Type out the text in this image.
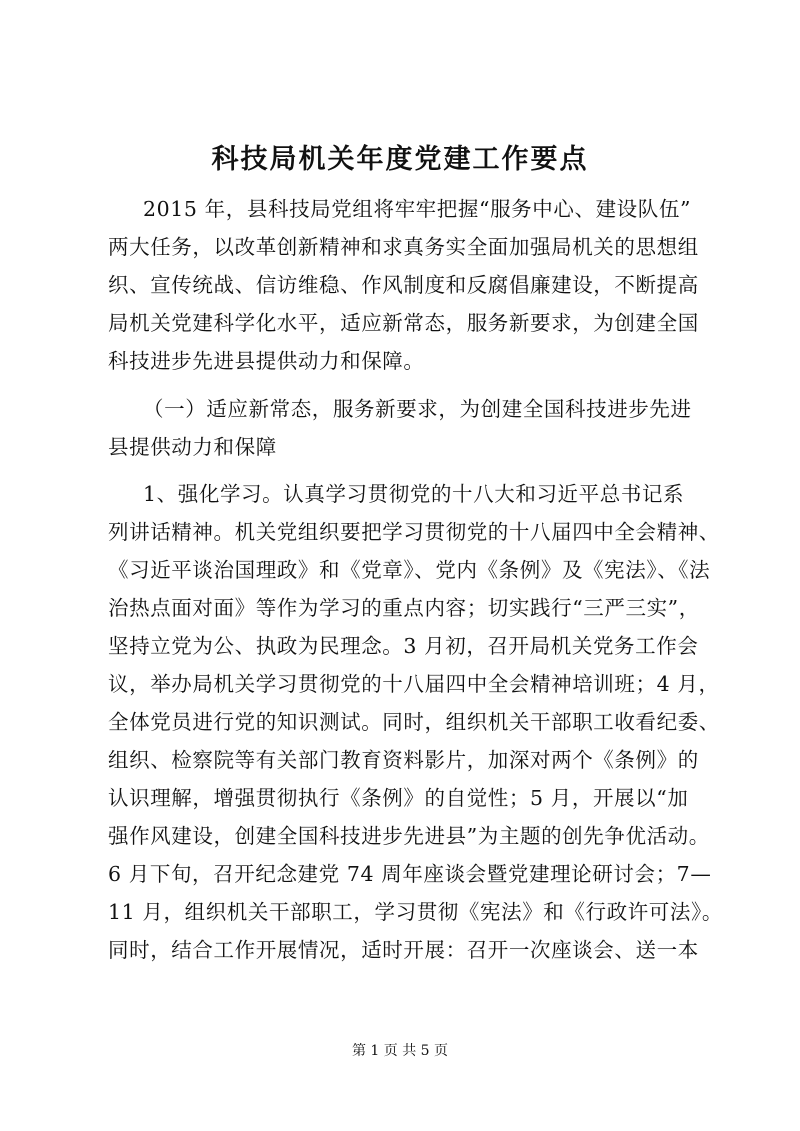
科技局机关年度党建工作要点
2015 年，县科技局党组将牢牢把握“服务中心、建设队伍”
两大任务，以改革创新精神和求真务实全面加强局机关的思想组
织、宣传统战、信访维稳、作风制度和反腐倡廉建设，不断提高
局机关党建科学化水平，适应新常态，服务新要求，为创建全国
科技进步先进县提供动力和保障。
（一）适应新常态，服务新要求，为创建全国科技进步先进
县提供动力和保障
1、强化学习。认真学习贯彻党的十八大和习近平总书记系
列讲话精神。机关党组织要把学习贯彻党的十八届四中全会精神、
《习近平谈治国理政》和《党章》、党内《条例》及《宪法》、《法
治热点面对面》等作为学习的重点内容；切实践行“三严三实”，
坚持立党为公、执政为民理念。3 月初，召开局机关党务工作会
议，举办局机关学习贯彻党的十八届四中全会精神培训班；4 月，
全体党员进行党的知识测试。同时，组织机关干部职工收看纪委、
组织、检察院等有关部门教育资料影片，加深对两个《条例》的
认识理解，增强贯彻执行《条例》的自觉性；5 月，开展以“加
强作风建设，创建全国科技进步先进县”为主题的创先争优活动。
6 月下旬，召开纪念建党 74 周年座谈会暨党建理论研讨会；7—
11 月，组织机关干部职工，学习贯彻《宪法》和《行政许可法》。
同时，结合工作开展情况，适时开展：召开一次座谈会、送一本
第 1 页 共 5 页
